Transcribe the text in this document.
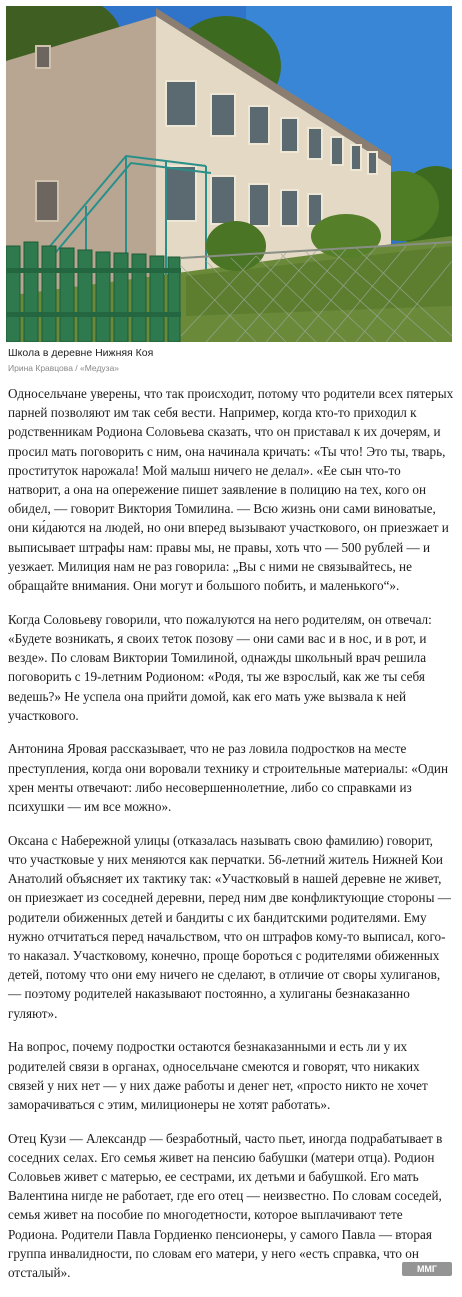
Школа в деревне Нижняя Коя
Ирина Кравцова / «Медуза»

Односельчане уверены, что так происходит, потому что родители всех пятерых парней позволяют им так себя вести. Например, когда кто-то приходил к родственникам Родиона Соловьева сказать, что он приставал к их дочерям, и просил мать поговорить с ним, она начинала кричать: «Ты что! Это ты, тварь, проституток нарожала! Мой малыш ничего не делал». «Ее сын что-то натворит, а она на опережение пишет заявление в полицию на тех, кого он обидел, — говорит Виктория Томилина. — Всю жизнь они сами виноватые, они ки́даются на людей, но они вперед вызывают участкового, он приезжает и выписывает штрафы нам: правы мы, не правы, хоть что — 500 рублей — и уезжает. Милиция нам не раз говорила: „Вы с ними не связывайтесь, не обращайте внимания. Они могут и большого побить, и маленького“».

Когда Соловьеву говорили, что пожалуются на него родителям, он отвечал: «Будете возникать, я своих теток позову — они сами вас и в нос, и в рот, и везде». По словам Виктории Томилиной, однажды школьный врач решила поговорить с 19-летним Родионом: «Родя, ты же взрослый, как же ты себя ведешь?» Не успела она прийти домой, как его мать уже вызвала к ней участкового.

Антонина Яровая рассказывает, что не раз ловила подростков на месте преступления, когда они воровали технику и строительные материалы: «Один хрен менты отвечают: либо несовершеннолетние, либо со справками из психушки — им все можно».

Оксана с Набережной улицы (отказалась называть свою фамилию) говорит, что участковые у них меняются как перчатки. 56-летний житель Нижней Кои Анатолий объясняет их тактику так: «Участковый в нашей деревне не живет, он приезжает из соседней деревни, перед ним две конфликтующие стороны — родители обиженных детей и бандиты с их бандитскими родителями. Ему нужно отчитаться перед начальством, что он штрафов кому-то выписал, кого-то наказал. Участковому, конечно, проще бороться с родителями обиженных детей, потому что они ему ничего не сделают, в отличие от своры хулиганов, — поэтому родителей наказывают постоянно, а хулиганы безнаказанно гуляют».

На вопрос, почему подростки остаются безнаказанными и есть ли у их родителей связи в органах, односельчане смеются и говорят, что никаких связей у них нет — у них даже работы и денег нет, «просто никто не хочет заморачиваться с этим, милиционеры не хотят работать».

Отец Кузи — Александр — безработный, часто пьет, иногда подрабатывает в соседних селах. Его семья живет на пенсию бабушки (матери отца). Родион Соловьев живет с матерью, ее сестрами, их детьми и бабушкой. Его мать Валентина нигде не работает, где его отец — неизвестно. По словам соседей, семья живет на пособие по многодетности, которое выплачивают тете Родиона. Родители Павла Гордиенко пенсионеры, у самого Павла — вторая группа инвалидности, по словам его матери, у него «есть справка, что он отсталый».	ММГ
